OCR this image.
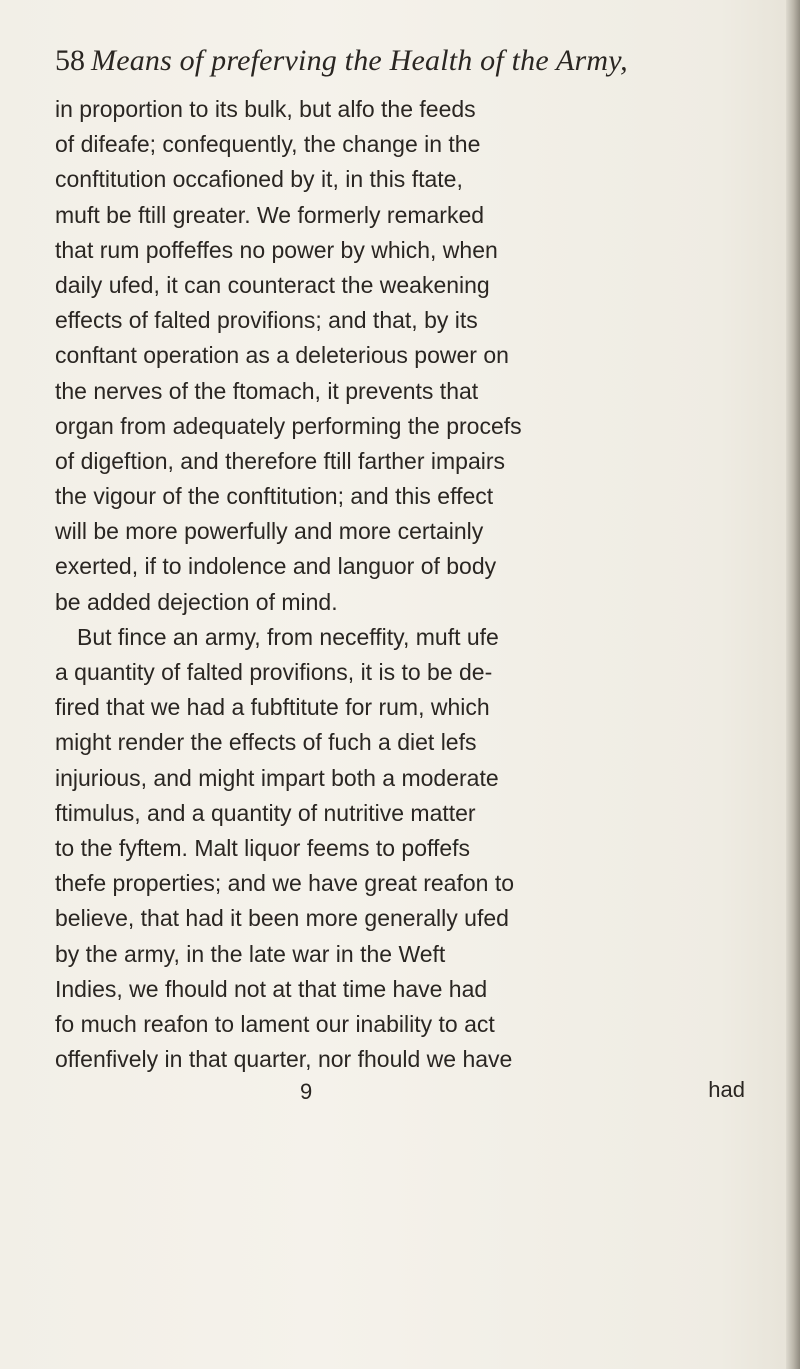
58 Means of preferving the Health of the Army,
in proportion to its bulk, but alfo the feeds
of difeafe; confequently, the change in the
conftitution occafioned by it, in this ftate,
muft be ftill greater. We formerly remarked
that rum poffeffes no power by which, when
daily ufed, it can counteract the weakening
effects of falted provifions; and that, by its
conftant operation as a deleterious power on
the nerves of the ftomach, it prevents that
organ from adequately performing the procefs
of digeftion, and therefore ftill farther impairs
the vigour of the conftitution; and this effect
will be more powerfully and more certainly
exerted, if to indolence and languor of body
be added dejection of mind.
But fince an army, from neceffity, muft ufe
a quantity of falted provifions, it is to be de-
fired that we had a fubftitute for rum, which
might render the effects of fuch a diet lefs
injurious, and might impart both a moderate
ftimulus, and a quantity of nutritive matter
to the fyftem. Malt liquor feems to poffefs
thefe properties; and we have great reafon to
believe, that had it been more generally ufed
by the army, in the late war in the Weft
Indies, we fhould not at that time have had
fo much reafon to lament our inability to act
offenfively in that quarter, nor fhould we have
9	had
